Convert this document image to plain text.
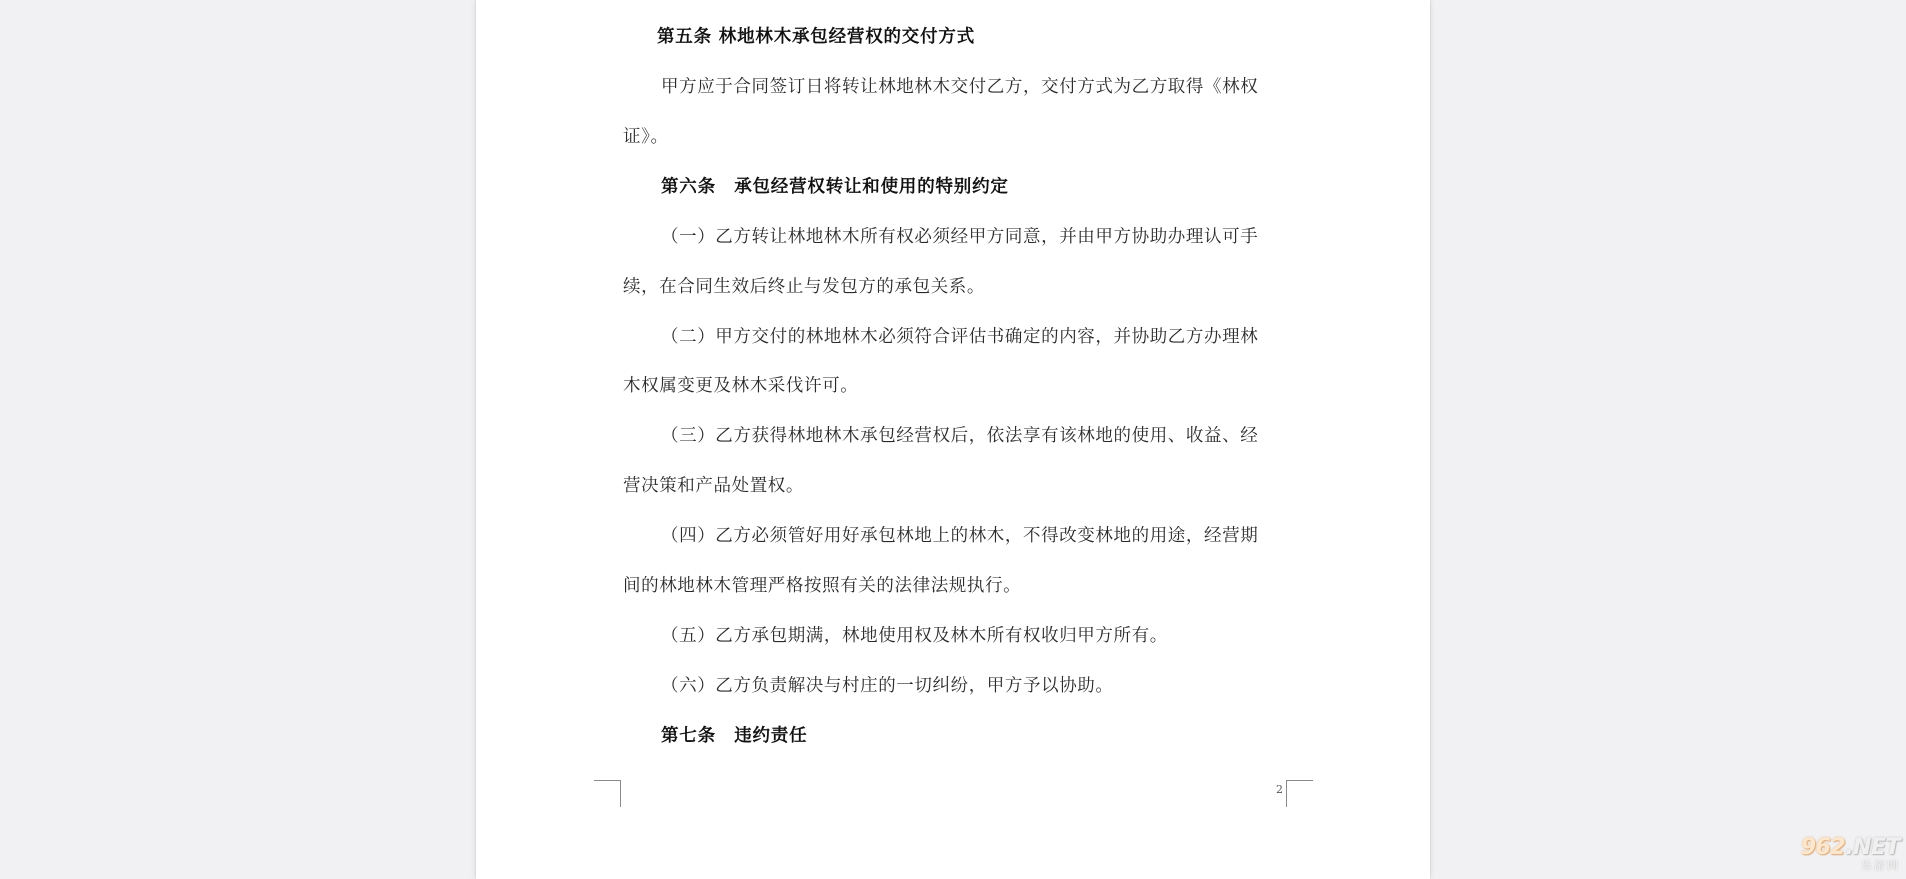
第五条 林地林木承包经营权的交付方式
甲方应于合同签订日将转让林地林木交付乙方，交付方式为乙方取得《林权
证》。
第六条　承包经营权转让和使用的特别约定
（一）乙方转让林地林木所有权必须经甲方同意，并由甲方协助办理认可手
续，在合同生效后终止与发包方的承包关系。
（二）甲方交付的林地林木必须符合评估书确定的内容，并协助乙方办理林
木权属变更及林木采伐许可。
（三）乙方获得林地林木承包经营权后，依法享有该林地的使用、收益、经
营决策和产品处置权。
（四）乙方必须管好用好承包林地上的林木，不得改变林地的用途，经营期
间的林地林木管理严格按照有关的法律法规执行。
（五）乙方承包期满，林地使用权及林木所有权收归甲方所有。
（六）乙方负责解决与村庄的一切纠纷，甲方予以协助。
第七条　违约责任
2
962.NET
乐游网
